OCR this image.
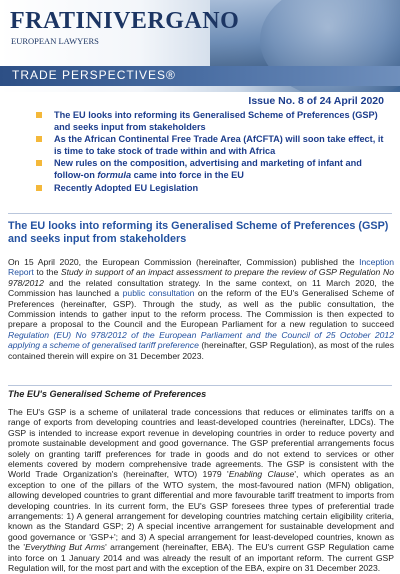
FRATINIVERGANO
EUROPEAN LAWYERS
TRADE PERSPECTIVES®
Issue No. 8 of 24 April 2020
The EU looks into reforming its Generalised Scheme of Preferences (GSP) and seeks input from stakeholders
As the African Continental Free Trade Area (AfCFTA) will soon take effect, it is time to take stock of trade within and with Africa
New rules on the composition, advertising and marketing of infant and follow-on formula came into force in the EU
Recently Adopted EU Legislation
The EU looks into reforming its Generalised Scheme of Preferences (GSP) and seeks input from stakeholders
On 15 April 2020, the European Commission (hereinafter, Commission) published the Inception Report to the Study in support of an impact assessment to prepare the review of GSP Regulation No 978/2012 and the related consultation strategy. In the same context, on 11 March 2020, the Commission has launched a public consultation on the reform of the EU's Generalised Scheme of Preferences (hereinafter, GSP). Through the study, as well as the public consultation, the Commission intends to gather input to the reform process. The Commission is then expected to prepare a proposal to the Council and the European Parliament for a new regulation to succeed Regulation (EU) No 978/2012 of the European Parliament and the Council of 25 October 2012 applying a scheme of generalised tariff preference (hereinafter, GSP Regulation), as most of the rules contained therein will expire on 31 December 2023.
The EU's Generalised Scheme of Preferences
The EU's GSP is a scheme of unilateral trade concessions that reduces or eliminates tariffs on a range of exports from developing countries and least-developed countries (hereinafter, LDCs). The GSP is intended to increase export revenue in developing countries in order to reduce poverty and promote sustainable development and good governance. The GSP preferential arrangements focus solely on granting tariff preferences for trade in goods and do not extend to services or other elements covered by modern comprehensive trade agreements. The GSP is consistent with the World Trade Organization's (hereinafter, WTO) 1979 'Enabling Clause', which operates as an exception to one of the pillars of the WTO system, the most-favoured nation (MFN) obligation, allowing developed countries to grant differential and more favourable tariff treatment to imports from developing countries. In its current form, the EU's GSP foresees three types of preferential trade arrangements: 1) A general arrangement for developing countries matching certain eligibility criteria, known as the Standard GSP; 2) A special incentive arrangement for sustainable development and good governance or 'GSP+'; and 3) A special arrangement for least-developed countries, known as the 'Everything But Arms' arrangement (hereinafter, EBA). The EU's current GSP Regulation came into force on 1 January 2014 and was already the result of an important reform. The current GSP Regulation will, for the most part and with the exception of the EBA, expire on 31 December 2023.
